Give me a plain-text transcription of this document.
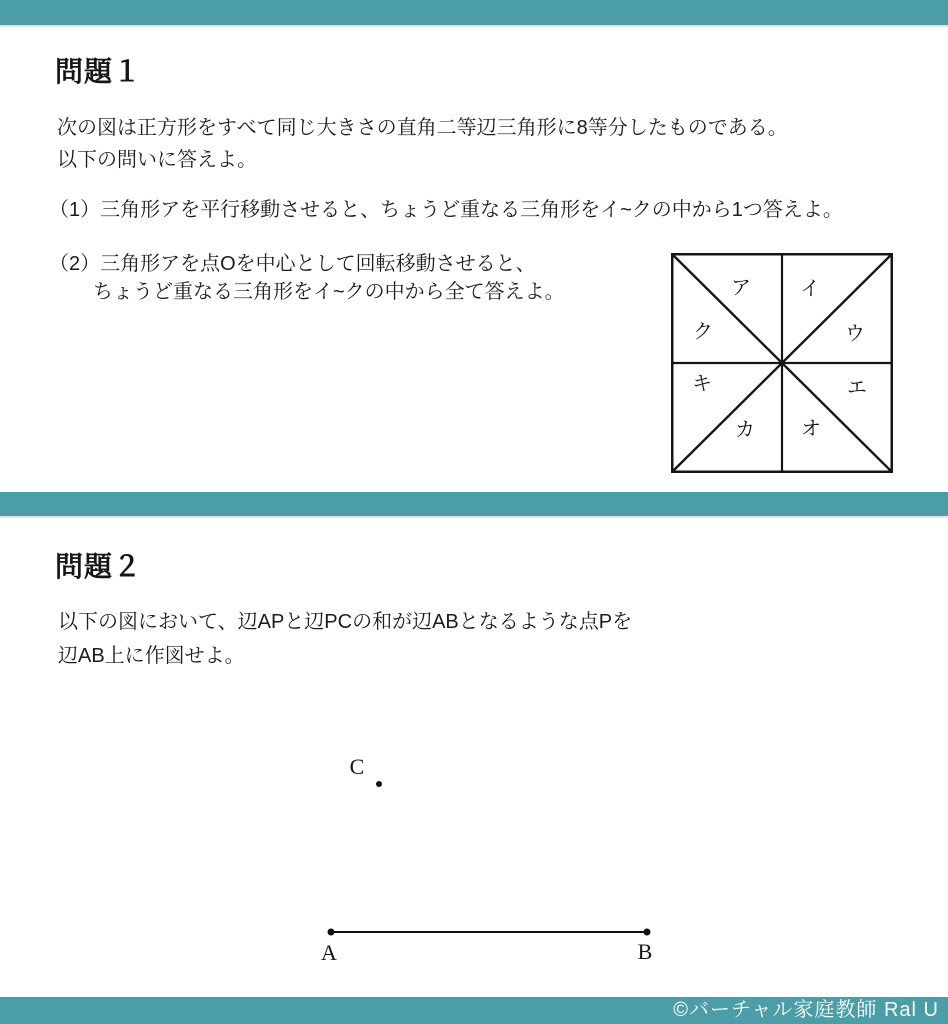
問題１

次の図は正方形をすべて同じ大きさの直角二等辺三角形に8等分したものである。
以下の問いに答えよ。

（1）三角形アを平行移動させると、ちょうど重なる三角形をイ~クの中から1つ答えよ。

（2）三角形アを点Oを中心として回転移動させると、
ちょうど重なる三角形をイ~クの中から全て答えよ。	ア イ
ウ
エ
オ
カ
キ
ク
問題２

以下の図において、辺APと辺PCの和が辺ABとなるような点Pを
辺AB上に作図せよ。

C
A	B
©バーチャル家庭教師 Ral U
